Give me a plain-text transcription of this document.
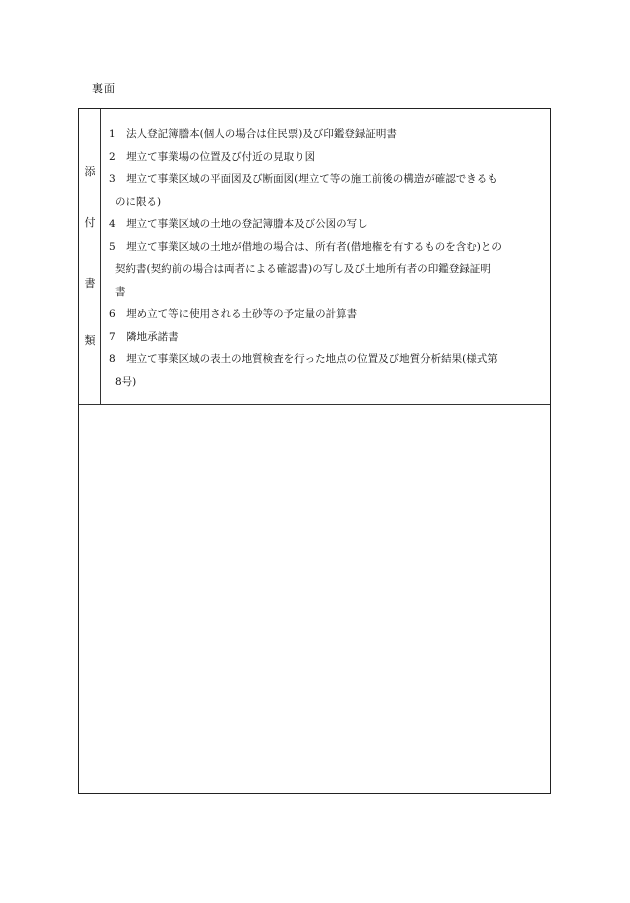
裏面
添
付
書
類
1　法人登記簿謄本(個人の場合は住民票)及び印鑑登録証明書
2　埋立て事業場の位置及び付近の見取り図
3　埋立て事業区域の平面図及び断面図(埋立て等の施工前後の構造が確認できるも
のに限る)
4　埋立て事業区域の土地の登記簿謄本及び公図の写し
5　埋立て事業区域の土地が借地の場合は、所有者(借地権を有するものを含む)との
契約書(契約前の場合は両者による確認書)の写し及び土地所有者の印鑑登録証明
書
6　埋め立て等に使用される土砂等の予定量の計算書
7　隣地承諾書
8　埋立て事業区域の表土の地質検査を行った地点の位置及び地質分析結果(様式第
8号)
